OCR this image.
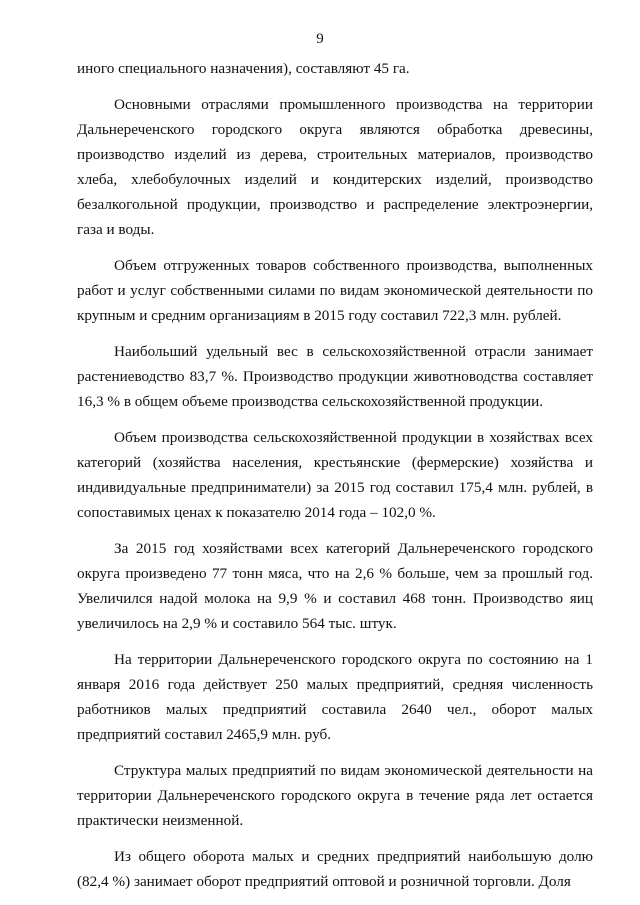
9

иного специального назначения), составляют 45 га.

Основными отраслями промышленного производства на территории Дальнереченского городского округа являются обработка древесины, производство изделий из дерева, строительных материалов, производство хлеба, хлебобулочных изделий и кондитерских изделий, производство безалкогольной продукции, производство и распределение электроэнергии, газа и воды.

Объем отгруженных товаров собственного производства, выполненных работ и услуг собственными силами по видам экономической деятельности по крупным и средним организациям в 2015 году составил 722,3 млн. рублей.

Наибольший удельный вес в сельскохозяйственной отрасли занимает растениеводство 83,7 %. Производство продукции животноводства составляет 16,3 % в общем объеме производства сельскохозяйственной продукции.

Объем производства сельскохозяйственной продукции в хозяйствах всех категорий (хозяйства населения, крестьянские (фермерские) хозяйства и индивидуальные предприниматели) за 2015 год составил 175,4 млн. рублей, в сопоставимых ценах к показателю 2014 года – 102,0 %.

За 2015 год хозяйствами всех категорий Дальнереченского городского округа произведено 77 тонн мяса, что на 2,6 % больше, чем за прошлый год. Увеличился надой молока на 9,9 % и составил 468 тонн. Производство яиц увеличилось на 2,9 % и составило 564 тыс. штук.

На территории Дальнереченского городского округа по состоянию на 1 января 2016 года действует 250 малых предприятий, средняя численность работников малых предприятий составила 2640 чел., оборот малых предприятий составил 2465,9 млн. руб.

Структура малых предприятий по видам экономической деятельности на территории Дальнереченского городского округа в течение ряда лет остается практически неизменной.

Из общего оборота малых и средних предприятий наибольшую долю (82,4 %) занимает оборот предприятий оптовой и розничной торговли. Доля
